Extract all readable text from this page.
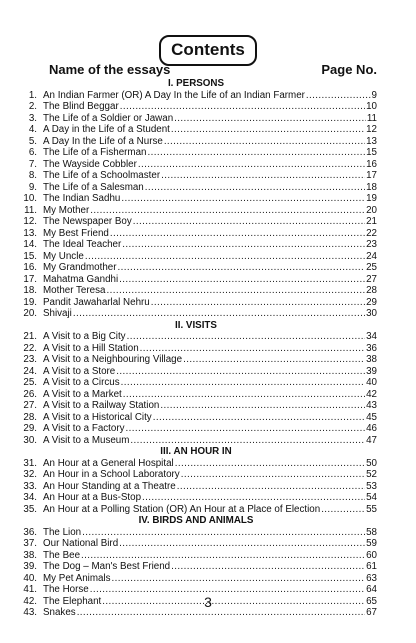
Contents
Name of the essays	Page No.
I. PERSONS
1. An Indian Farmer (OR) A Day In the Life of an Indian Farmer .....	9
2. The Blind Beggar .....	10
3. The Life of a Soldier or Jawan .....	11
4. A Day in the Life of a Student .....	12
5. A Day In the Life of a Nurse .....	13
6. The Life of a Fisherman .....	15
7. The Wayside Cobbler .....	16
8. The Life of a Schoolmaster .....	17
9. The Life of a Salesman .....	18
10. The Indian Sadhu .....	19
11. My Mother .....	20
12. The Newspaper Boy .....	21
13. My Best Friend .....	22
14. The Ideal Teacher .....	23
15. My Uncle .....	24
16. My Grandmother .....	25
17. Mahatma Gandhi .....	27
18. Mother Teresa .....	28
19. Pandit Jawaharlal Nehru .....	29
20. Shivaji .....	30
II. VISITS
21. A Visit to a Big City .....	34
22. A Visit to a Hill Station .....	36
23. A Visit to a Neighbouring Village .....	38
24. A Visit to a Store .....	39
25. A Visit to a Circus .....	40
26. A Visit to a Market .....	42
27. A Visit to a Railway Station .....	43
28. A Visit to a Historical City .....	45
29. A Visit to a Factory .....	46
30. A Visit to a Museum .....	47
III. AN HOUR IN
31. An Hour at a General Hospital .....	50
32. An Hour in a School Laboratory .....	52
33. An Hour Standing at a Theatre .....	53
34. An Hour at a Bus-Stop .....	54
35. An Hour at a Polling Station (OR) An Hour at a Place of Election .....	55
IV. BIRDS AND ANIMALS
36. The Lion .....	58
37. Our National Bird .....	59
38. The Bee .....	60
39. The Dog – Man's Best Friend .....	61
40. My Pet Animals .....	63
41. The Horse .....	64
42. The Elephant .....	65
43. Snakes .....	67
3
